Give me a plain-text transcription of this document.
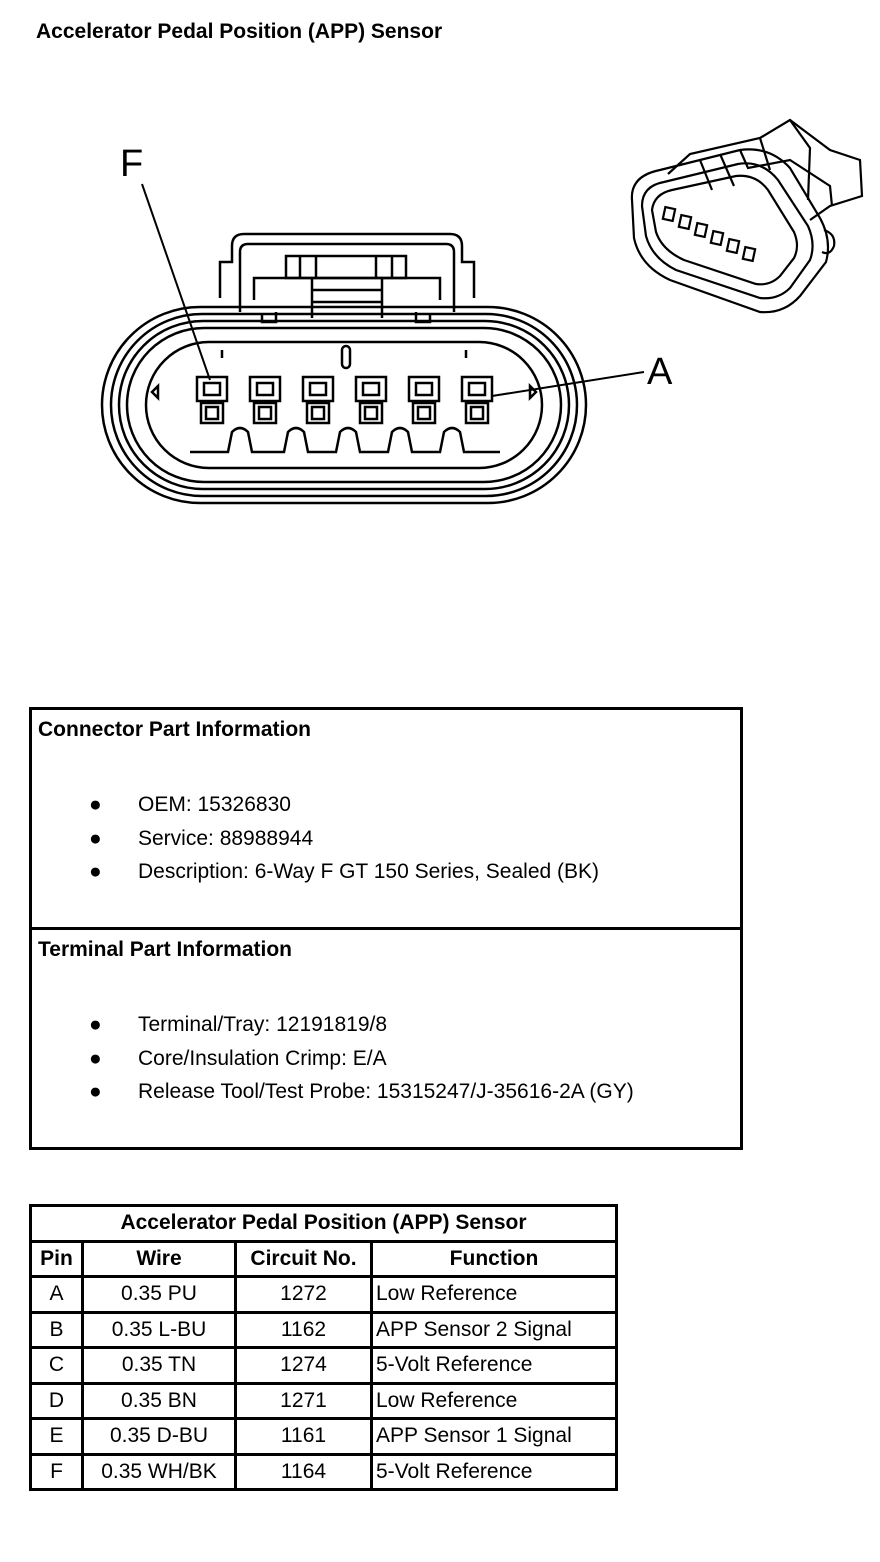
Accelerator Pedal Position (APP) Sensor
F
A
Connector Part Information
● OEM: 15326830
● Service: 88988944
● Description: 6-Way F GT 150 Series, Sealed (BK)
Terminal Part Information
● Terminal/Tray: 12191819/8
● Core/Insulation Crimp: E/A
● Release Tool/Test Probe: 15315247/J-35616-2A (GY)
Accelerator Pedal Position (APP) Sensor			
Pin	Wire	Circuit No.	Function
A	0.35 PU	1272	Low Reference
B	0.35 L-BU	1162	APP Sensor 2 Signal
C	0.35 TN	1274	5-Volt Reference
D	0.35 BN	1271	Low Reference
E	0.35 D-BU	1161	APP Sensor 1 Signal
F	0.35 WH/BK	1164	5-Volt Reference
